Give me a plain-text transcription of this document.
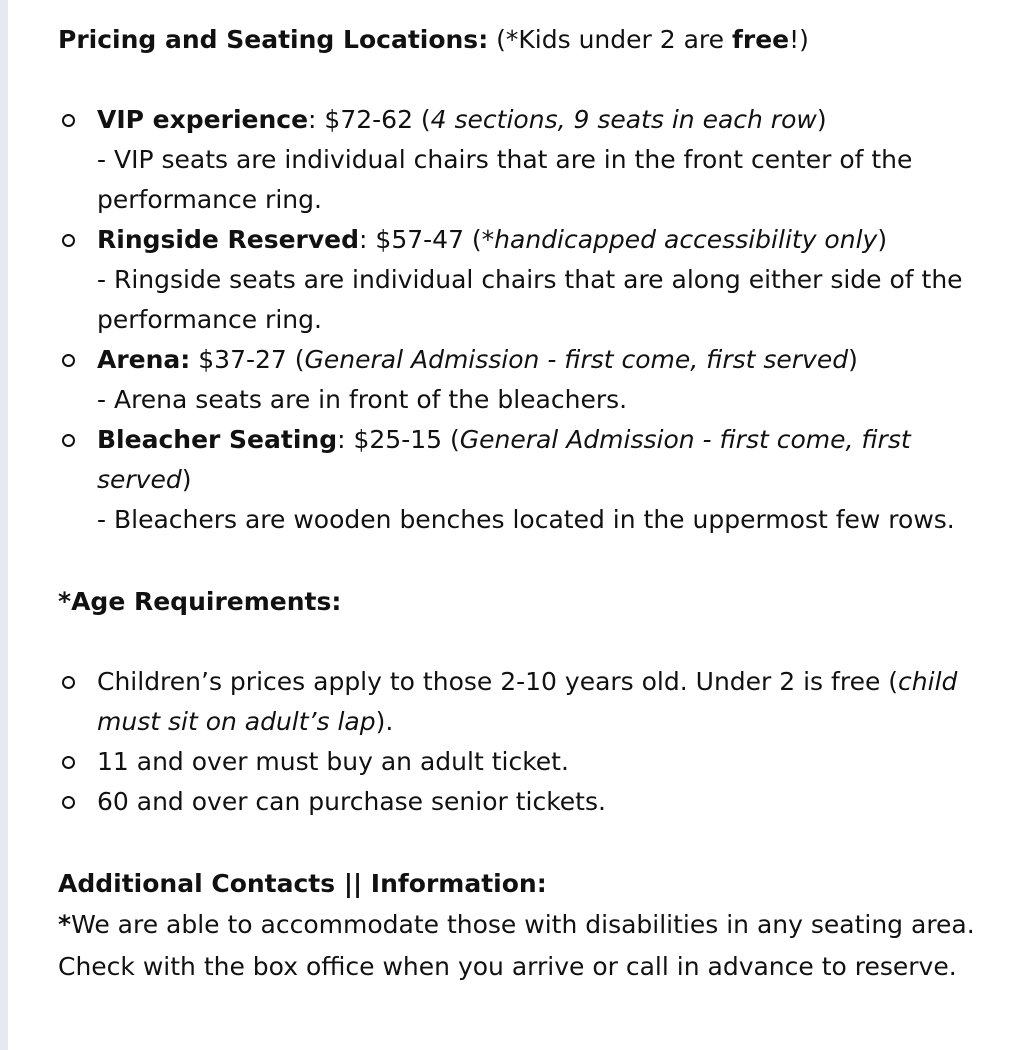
Pricing and Seating Locations: (*Kids under 2 are free!)

VIP experience: $72-62 (4 sections, 9 seats in each row)
- VIP seats are individual chairs that are in the front center of the performance ring.
Ringside Reserved: $57-47 (*handicapped accessibility only)
- Ringside seats are individual chairs that are along either side of the performance ring.
Arena: $37-27 (General Admission - first come, first served)
- Arena seats are in front of the bleachers.
Bleacher Seating: $25-15 (General Admission - first come, first served)
- Bleachers are wooden benches located in the uppermost few rows.

*Age Requirements:

Children’s prices apply to those 2-10 years old. Under 2 is free (child must sit on adult’s lap).
11 and over must buy an adult ticket.
60 and over can purchase senior tickets.

Additional Contacts || Information:

*We are able to accommodate those with disabilities in any seating area. Check with the box office when you arrive or call in advance to reserve.
